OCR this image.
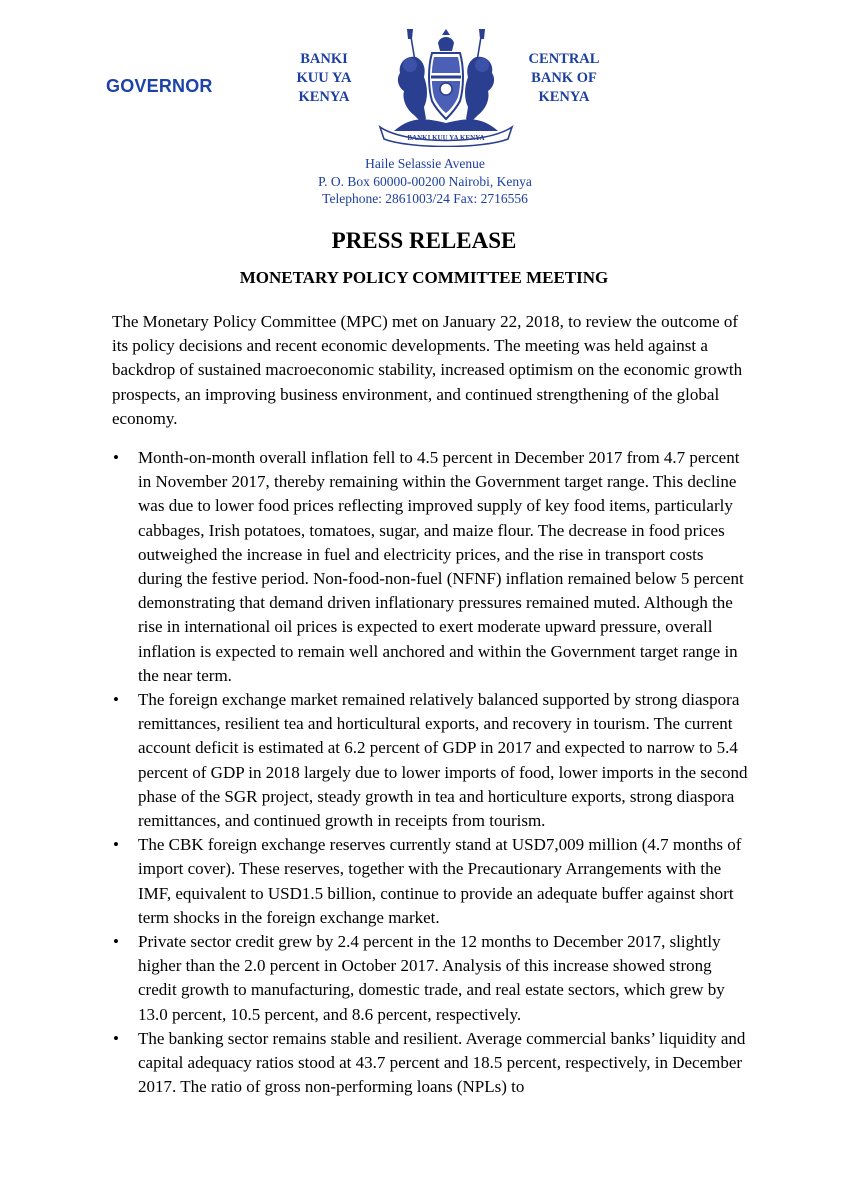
GOVERNOR
BANKI
KUU YA
KENYA
BANKI KUU YA KENYA
CENTRAL
BANK OF
KENYA
Haile Selassie Avenue
P. O. Box 60000-00200 Nairobi, Kenya
Telephone: 2861003/24 Fax: 2716556
PRESS RELEASE
MONETARY POLICY COMMITTEE MEETING

The Monetary Policy Committee (MPC) met on January 22, 2018, to review the outcome of its policy decisions and recent economic developments. The meeting was held against a backdrop of sustained macroeconomic stability, increased optimism on the economic growth prospects, an improving business environment, and continued strengthening of the global economy.

• Month-on-month overall inflation fell to 4.5 percent in December 2017 from 4.7 percent in November 2017, thereby remaining within the Government target range. This decline was due to lower food prices reflecting improved supply of key food items, particularly cabbages, Irish potatoes, tomatoes, sugar, and maize flour. The decrease in food prices outweighed the increase in fuel and electricity prices, and the rise in transport costs during the festive period. Non-food-non-fuel (NFNF) inflation remained below 5 percent demonstrating that demand driven inflationary pressures remained muted. Although the rise in international oil prices is expected to exert moderate upward pressure, overall inflation is expected to remain well anchored and within the Government target range in the near term.
• The foreign exchange market remained relatively balanced supported by strong diaspora remittances, resilient tea and horticultural exports, and recovery in tourism. The current account deficit is estimated at 6.2 percent of GDP in 2017 and expected to narrow to 5.4 percent of GDP in 2018 largely due to lower imports of food, lower imports in the second phase of the SGR project, steady growth in tea and horticulture exports, strong diaspora remittances, and continued growth in receipts from tourism.
• The CBK foreign exchange reserves currently stand at USD7,009 million (4.7 months of import cover). These reserves, together with the Precautionary Arrangements with the IMF, equivalent to USD1.5 billion, continue to provide an adequate buffer against short term shocks in the foreign exchange market.
• Private sector credit grew by 2.4 percent in the 12 months to December 2017, slightly higher than the 2.0 percent in October 2017. Analysis of this increase showed strong credit growth to manufacturing, domestic trade, and real estate sectors, which grew by 13.0 percent, 10.5 percent, and 8.6 percent, respectively.
• The banking sector remains stable and resilient. Average commercial banks’ liquidity and capital adequacy ratios stood at 43.7 percent and 18.5 percent, respectively, in December 2017. The ratio of gross non-performing loans (NPLs) to
